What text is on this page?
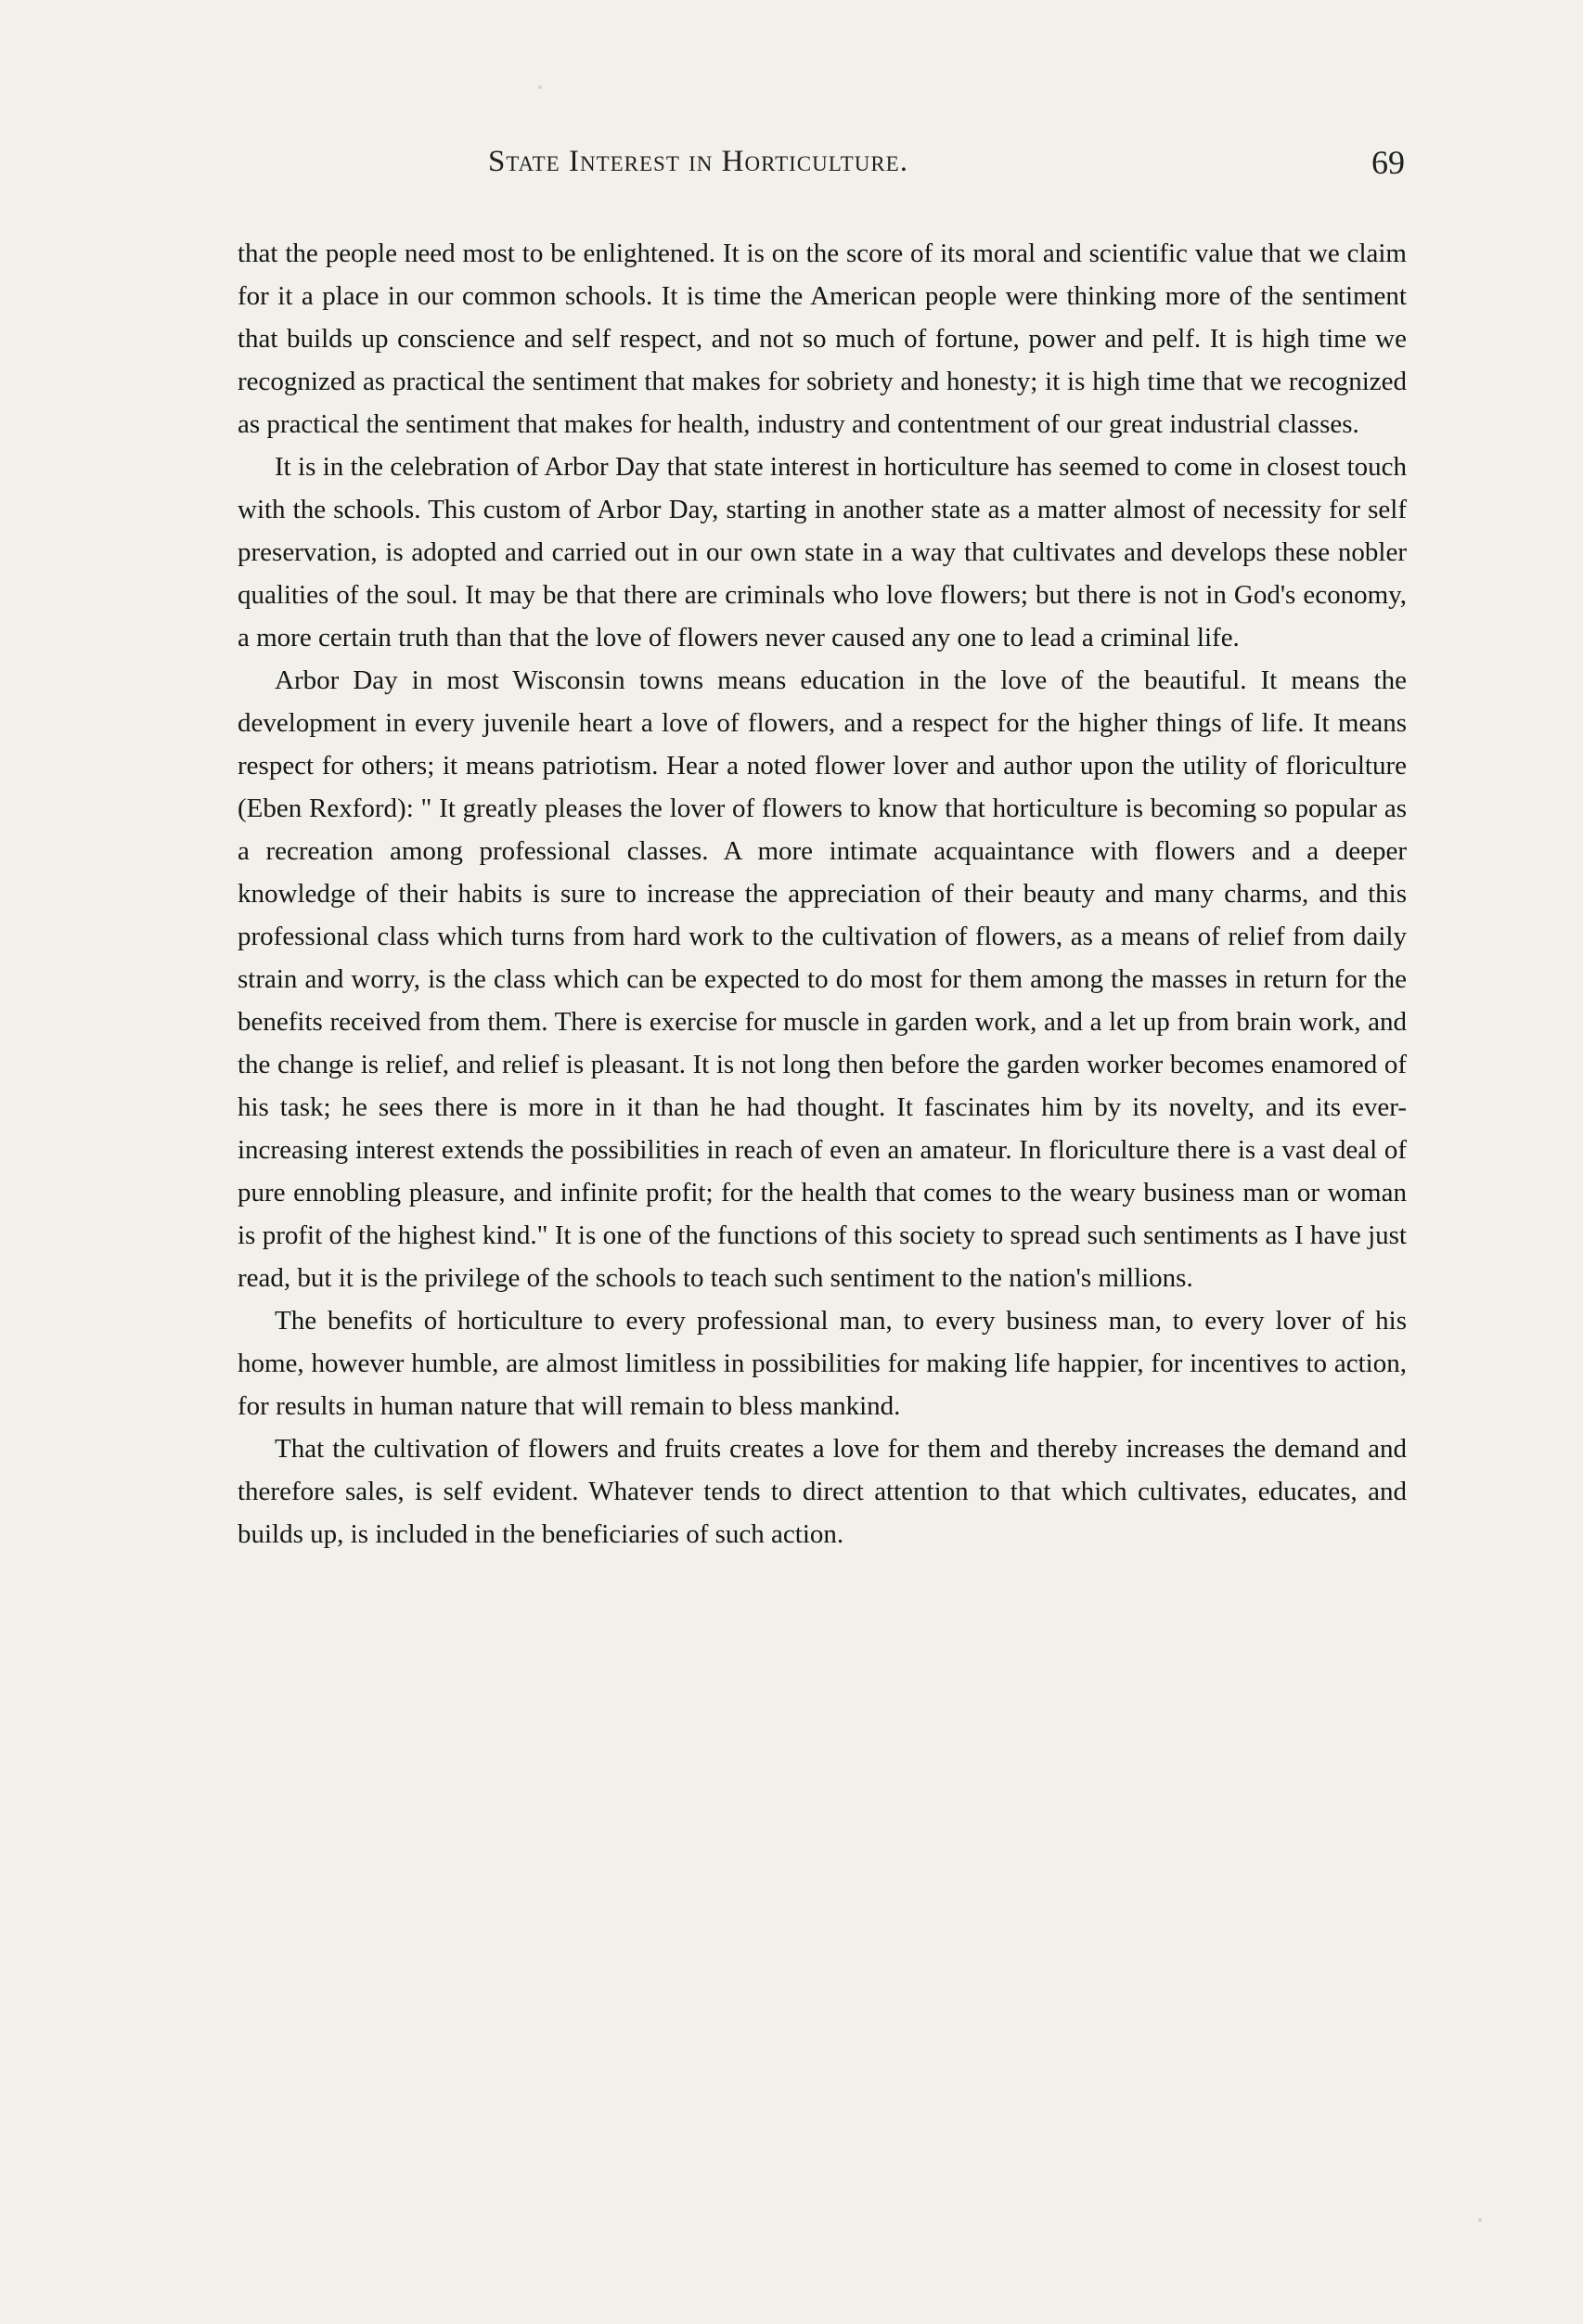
State Interest in Horticulture.	69

that the people need most to be enlightened. It is on the score of its moral and scientific value that we claim for it a place in our common schools. It is time the American people were thinking more of the sentiment that builds up conscience and self respect, and not so much of fortune, power and pelf. It is high time we recognized as practical the sentiment that makes for sobriety and honesty; it is high time that we recognized as practical the sentiment that makes for health, industry and contentment of our great industrial classes.

It is in the celebration of Arbor Day that state interest in horticulture has seemed to come in closest touch with the schools. This custom of Arbor Day, starting in another state as a matter almost of necessity for self preservation, is adopted and carried out in our own state in a way that cultivates and develops these nobler qualities of the soul. It may be that there are criminals who love flowers; but there is not in God's economy, a more certain truth than that the love of flowers never caused any one to lead a criminal life.

Arbor Day in most Wisconsin towns means education in the love of the beautiful. It means the development in every juvenile heart a love of flowers, and a respect for the higher things of life. It means respect for others; it means patriotism. Hear a noted flower lover and author upon the utility of floriculture (Eben Rexford): " It greatly pleases the lover of flowers to know that horticulture is becoming so popular as a recreation among professional classes. A more intimate acquaintance with flowers and a deeper knowledge of their habits is sure to increase the appreciation of their beauty and many charms, and this professional class which turns from hard work to the cultivation of flowers, as a means of relief from daily strain and worry, is the class which can be expected to do most for them among the masses in return for the benefits received from them. There is exercise for muscle in garden work, and a let up from brain work, and the change is relief, and relief is pleasant. It is not long then before the garden worker becomes enamored of his task; he sees there is more in it than he had thought. It fascinates him by its novelty, and its ever-increasing interest extends the possibilities in reach of even an amateur. In floriculture there is a vast deal of pure ennobling pleasure, and infinite profit; for the health that comes to the weary business man or woman is profit of the highest kind." It is one of the functions of this society to spread such sentiments as I have just read, but it is the privilege of the schools to teach such sentiment to the nation's millions.

The benefits of horticulture to every professional man, to every business man, to every lover of his home, however humble, are almost limitless in possibilities for making life happier, for incentives to action, for results in human nature that will remain to bless mankind.

That the cultivation of flowers and fruits creates a love for them and thereby increases the demand and therefore sales, is self evident. Whatever tends to direct attention to that which cultivates, educates, and builds up, is included in the beneficiaries of such action.
